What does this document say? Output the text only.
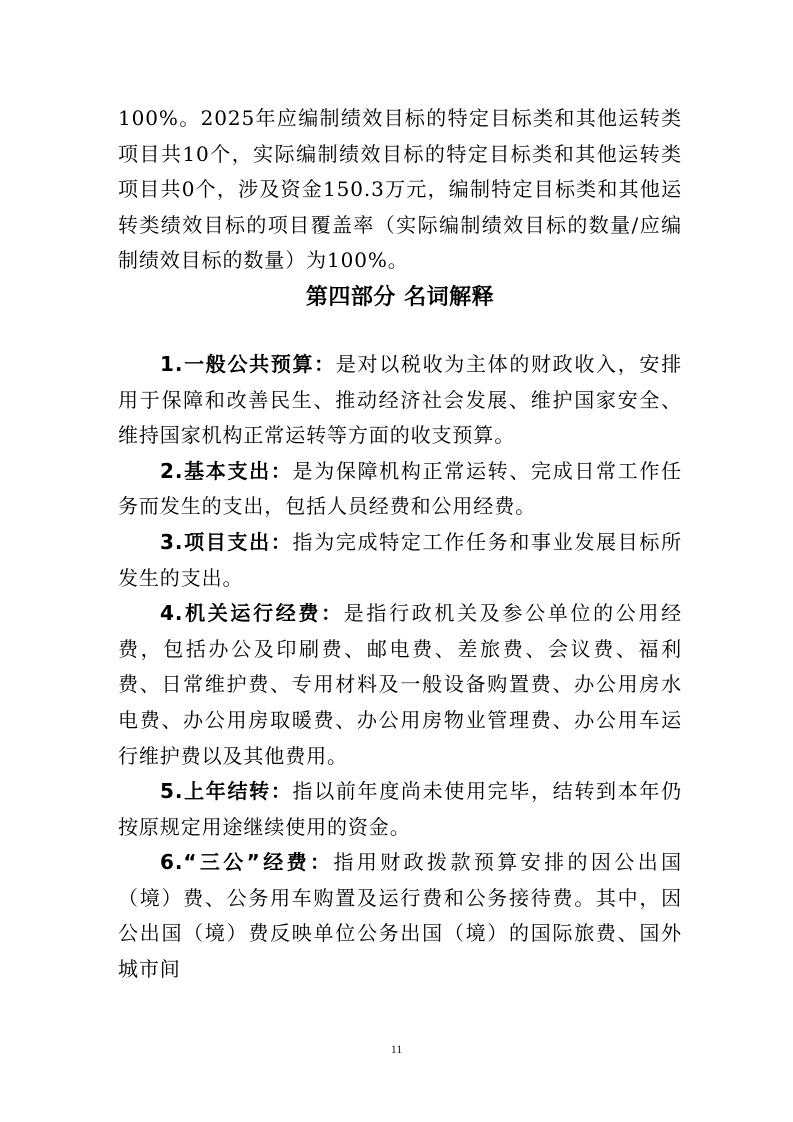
100%。2025年应编制绩效目标的特定目标类和其他运转类项目共10个，实际编制绩效目标的特定目标类和其他运转类项目共0个，涉及资金150.3万元，编制特定目标类和其他运转类绩效目标的项目覆盖率（实际编制绩效目标的数量/应编制绩效目标的数量）为100%。

第四部分 名词解释

1.一般公共预算：是对以税收为主体的财政收入，安排用于保障和改善民生、推动经济社会发展、维护国家安全、维持国家机构正常运转等方面的收支预算。

2.基本支出：是为保障机构正常运转、完成日常工作任务而发生的支出，包括人员经费和公用经费。

3.项目支出：指为完成特定工作任务和事业发展目标所发生的支出。

4.机关运行经费：是指行政机关及参公单位的公用经费，包括办公及印刷费、邮电费、差旅费、会议费、福利费、日常维护费、专用材料及一般设备购置费、办公用房水电费、办公用房取暖费、办公用房物业管理费、办公用车运行维护费以及其他费用。

5.上年结转：指以前年度尚未使用完毕，结转到本年仍按原规定用途继续使用的资金。

6.“三公”经费：指用财政拨款预算安排的因公出国（境）费、公务用车购置及运行费和公务接待费。其中，因公出国（境）费反映单位公务出国（境）的国际旅费、国外城市间

11
